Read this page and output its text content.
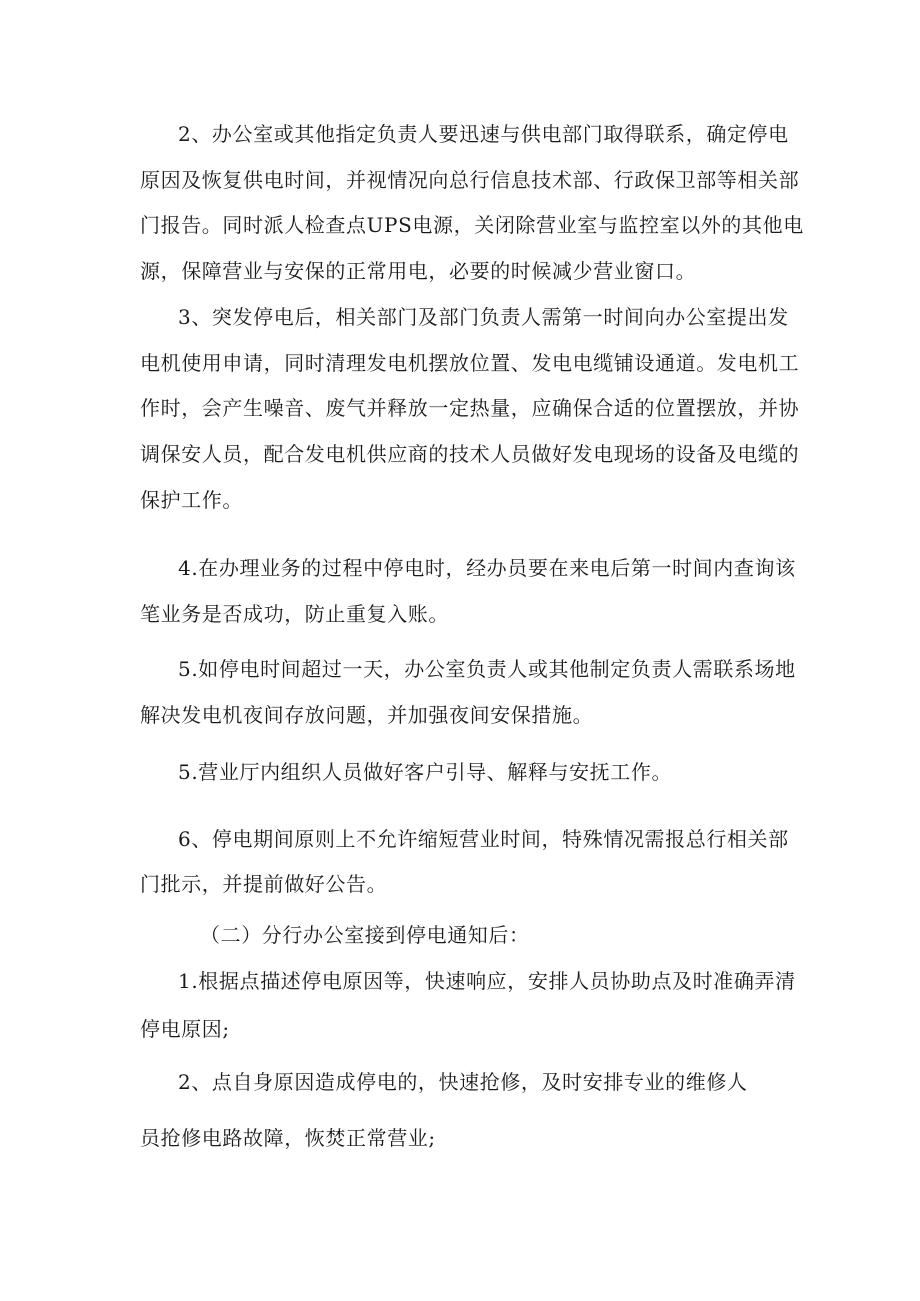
2、办公室或其他指定负责人要迅速与供电部门取得联系，确定停电

原因及恢复供电时间，并视情况向总行信息技术部、行政保卫部等相关部

门报告。同时派人检查点UPS电源，关闭除营业室与监控室以外的其他电

源，保障营业与安保的正常用电，必要的时候减少营业窗口。

3、突发停电后，相关部门及部门负责人需第一时间向办公室提出发

电机使用申请，同时清理发电机摆放位置、发电电缆铺设通道。发电机工

作时，会产生噪音、废气并释放一定热量，应确保合适的位置摆放，并协

调保安人员，配合发电机供应商的技术人员做好发电现场的设备及电缆的

保护工作。

4.在办理业务的过程中停电时，经办员要在来电后第一时间内查询该

笔业务是否成功，防止重复入账。

5.如停电时间超过一天，办公室负责人或其他制定负责人需联系场地

解决发电机夜间存放问题，并加强夜间安保措施。

5.营业厅内组织人员做好客户引导、解释与安抚工作。

6、停电期间原则上不允许缩短营业时间，特殊情况需报总行相关部

门批示，并提前做好公告。

（二）分行办公室接到停电通知后：

1.根据点描述停电原因等，快速响应，安排人员协助点及时准确弄清

停电原因;

2、点自身原因造成停电的，快速抢修，及时安排专业的维修人

员抢修电路故障，恢焚正常营业;
